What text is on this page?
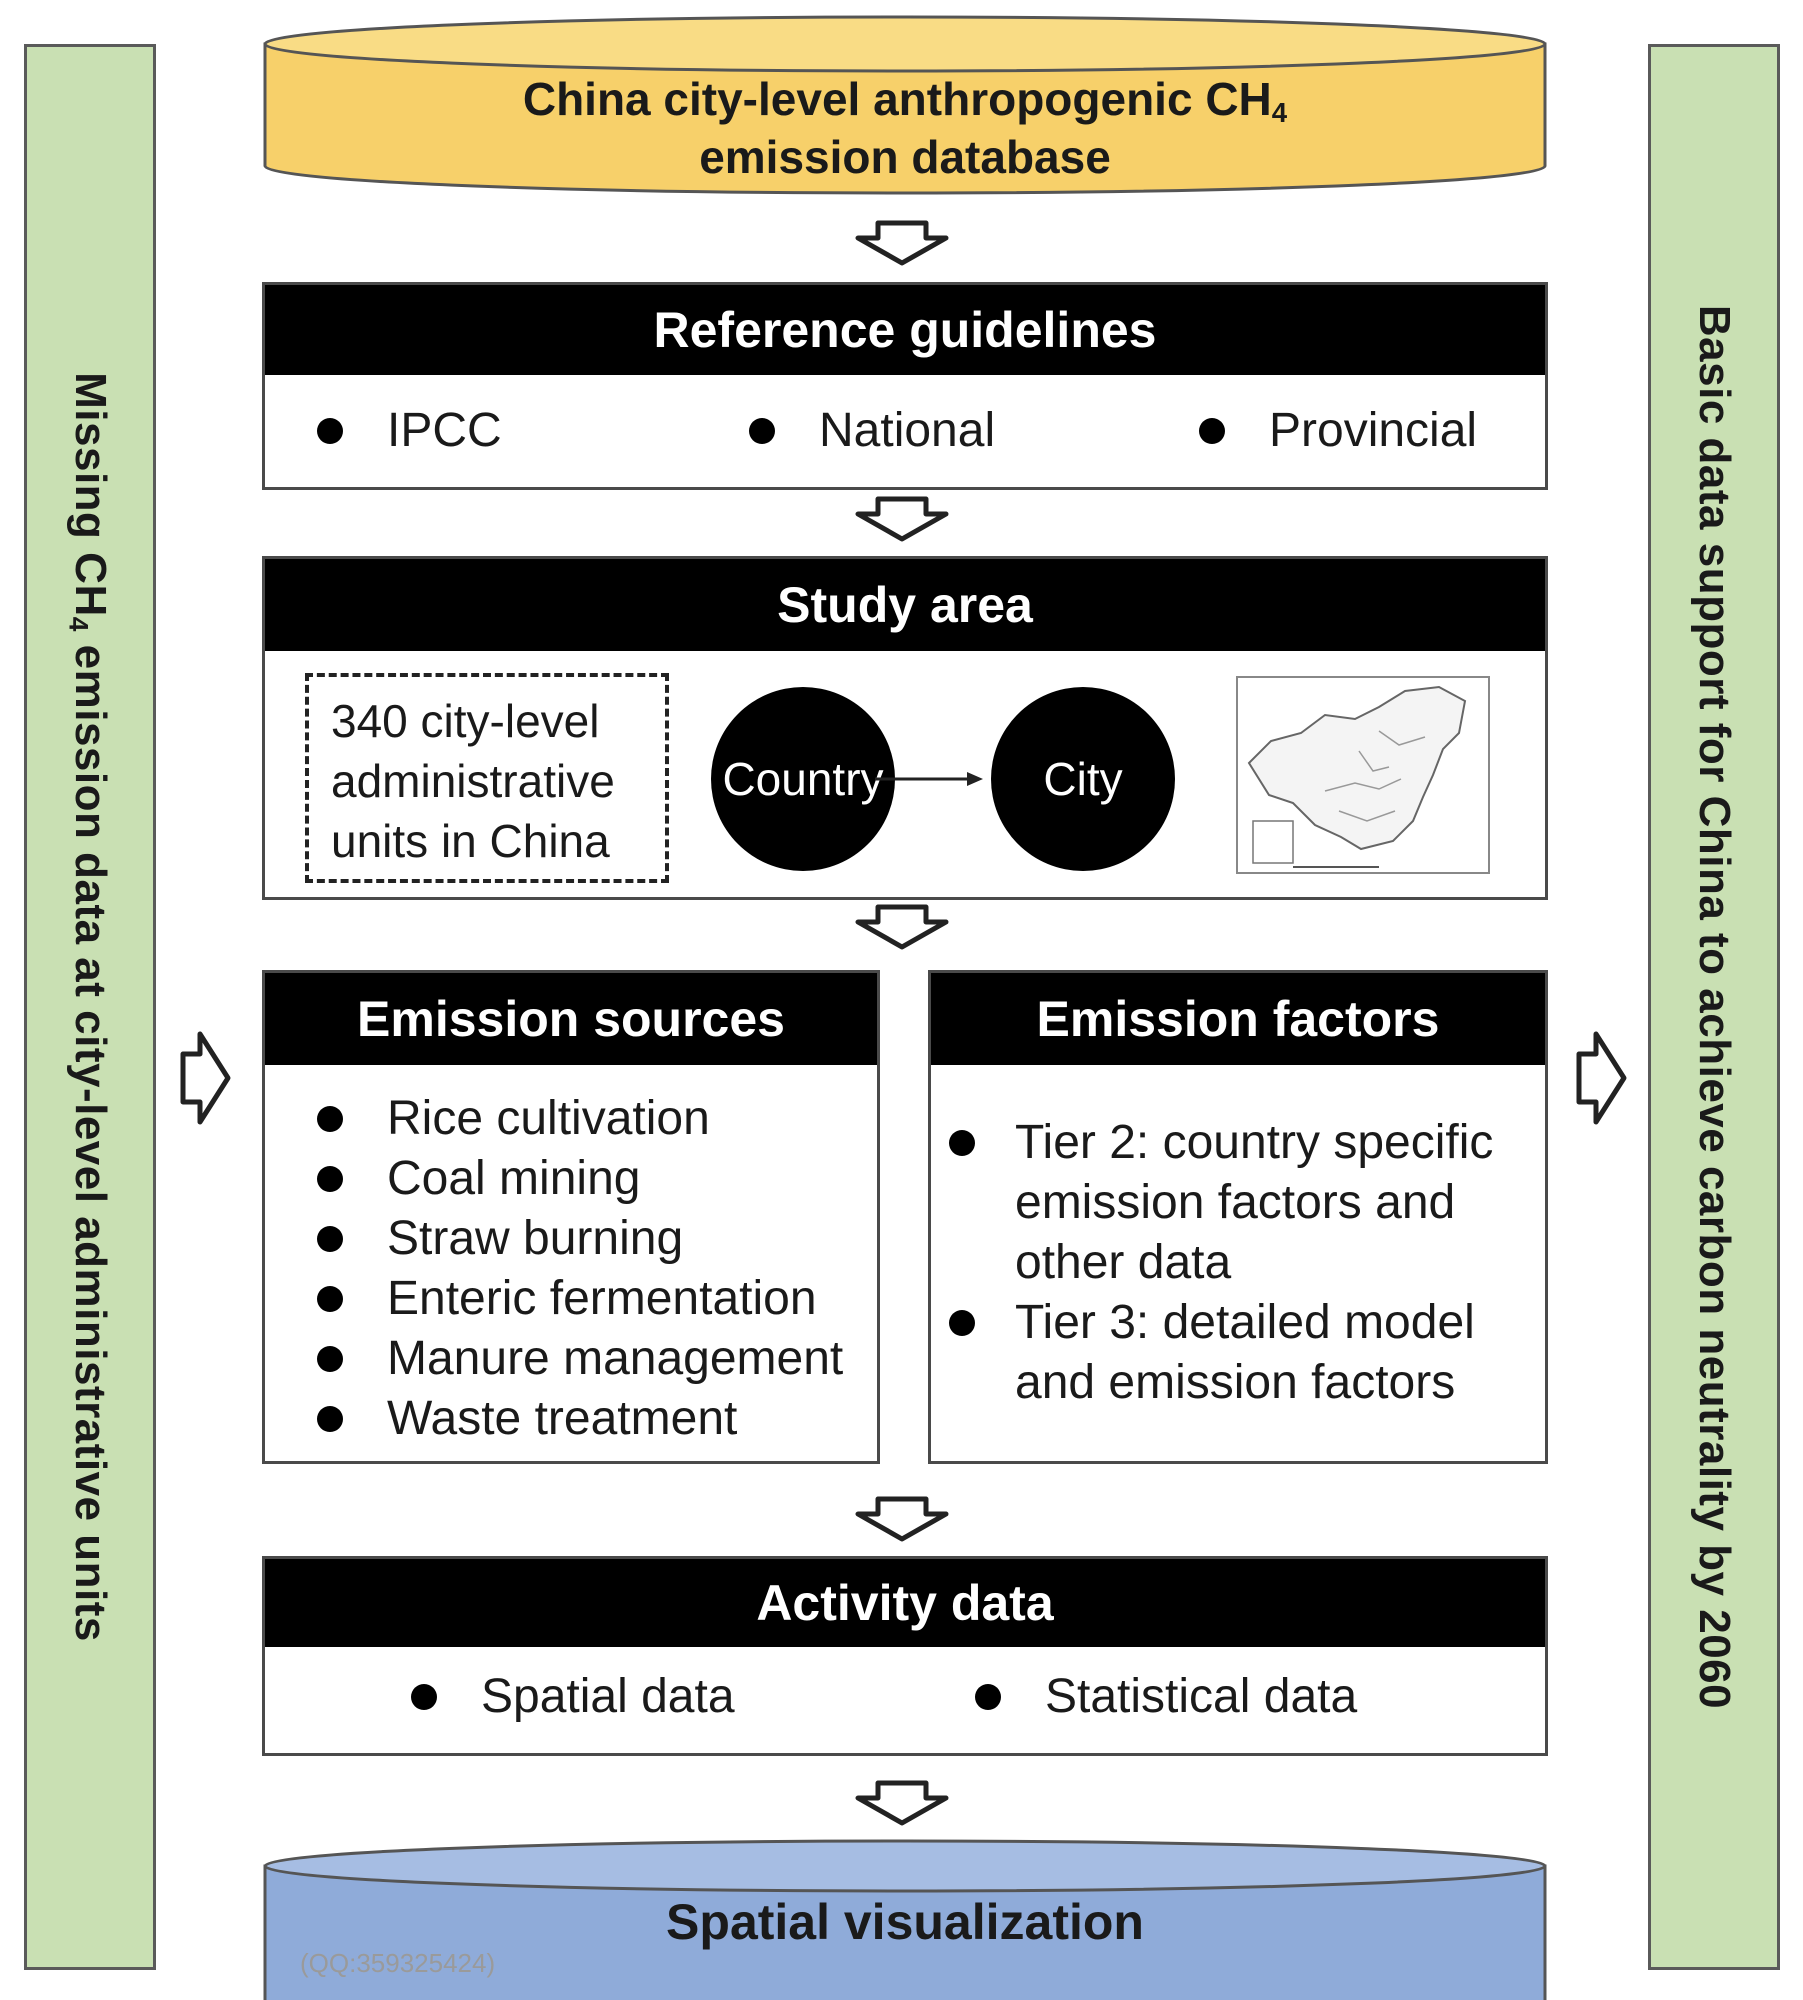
Missing $CH_4$ emission data at city-level administrative units	Basic data support for China to achieve carbon neutrality by 2060
China city-level anthropogenic $CH_4$
emission database
Reference guidelines
IPCC	National	Provincial
Study area
340 city-level
administrative
units in China
Country	City
Emission sources
Rice cultivation
Coal mining
Straw burning
Enteric fermentation
Manure management
Waste treatment
Emission factors
Tier 2: country specific
emission factors and
other data
Tier 3: detailed model
and emission factors
Activity data
Spatial data	Statistical data
Spatial visualization
(QQ:359325424)
